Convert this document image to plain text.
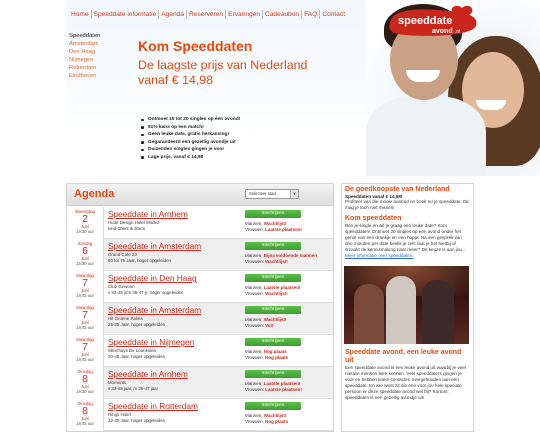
speeddate
avond .nl
Home Speeddate informatie Agenda Reserveren Ervaringen Cadeaubon FAQ Contact
Speeddaten
Amsterdam
Den Haag
Nijmegen
Rotterdam
Eindhoven
Kom Speeddaten
De laagste prijs van Nederland
vanaf € 14,98
Ontmoet 15 tot 20 singles op één avond!
91% kans op een match!
Geen leuke date, gratis herkansing!
Gegarandeerd een gezellig avondje uit
Duizenden singles gingen je voor
Lage prijs, vanaf € 14,98
Agenda	Selecteer stad	▼
Woensdag
2
Juni
19:30 uur
Speeddate in Arnhem
Hude Design Hotel Modez
eind-20ers & 30ers
Inschrijven
Mannen: Wachtlijst!
Vrouwen: Laatste plaatsen!
Zondag
6
Juni
15:30 uur
Speeddate in Amsterdam
Grand Cafe 23
60 tot 75 Jaar, hoger opgeleiden
Inschrijven
Mannen: Bijna voldoende mannen
Vrouwen: Wachtlijst!
Maandag
7
Juni
19:45 uur
Speeddate in Den Haag
Club Gewoon
v 33-45 jr/m 35-47 jr, hoger opgeleiden
Inschrijven
Mannen: Laatste plaatsen!
Vrouwen: Wachtlijst!
Maandag
7
Juni
19:45 uur
Speeddate in Amsterdam
Hit Groene Palms
25-35 Jaar, hoger opgeleiden
Inschrijven
Mannen: Wachtlijst!
Vrouwen: Vol!
Maandag
7
Juni
19:45 uur
Speeddate in Nijmegen
Steerhuys De Loonkolen
30-45 Jaar, hoger opgeleiden
Inschrijven
Mannen: Nog plaats
Vrouwen: Nog plaats
Dinsdag
8
Juni
19:30 uur
Speeddate in Arnhem
Moments
v 33-45 jaar, m 35-47 jaar
Inschrijven
Mannen: Laatste plaatsen!
Vrouwen: Laatste plaatsen!
Dinsdag
8
Juni
19:45 uur
Speeddate in Rotterdam
Rings Hotel
22-30 Jaar, hoger opgeleiden
Inschrijven
Mannen: Wachtlijst!
Vrouwen: Nog plaats
De goedkoopste van Nederland
Speeddaten vanaf € 14,98!

Profiteer van die mooie aanbod en boek nu je speeddate. Dit mag je toch niet missen!

Kom speeddaten

Ben je single en wil je graag een leuke date? Kom speeddaten! Ontmoet 20 singles op een avond onder het genot van een drankje en een hapje. Na een gesprek van drie minuten per date beslis je zelf: laat je het hierbij of smaakt de kennismaking naar meer? De keuze is aan jou...

Meer informatie over speeddaten.
Speeddate avond, een leuke avond uit

Een speeddate avond is een leuke avond uit waarbij je veel nieuwe mensen leert kennen. Veel speeddaters gingen je voor en hebben leuke contacten overgehouden aan een speeddate. En wie weet zit die ene voor jou hele speciale persoon er deze speeddate avond wel bij? Kortom: speeddaten is een gezellig avondje uit!
